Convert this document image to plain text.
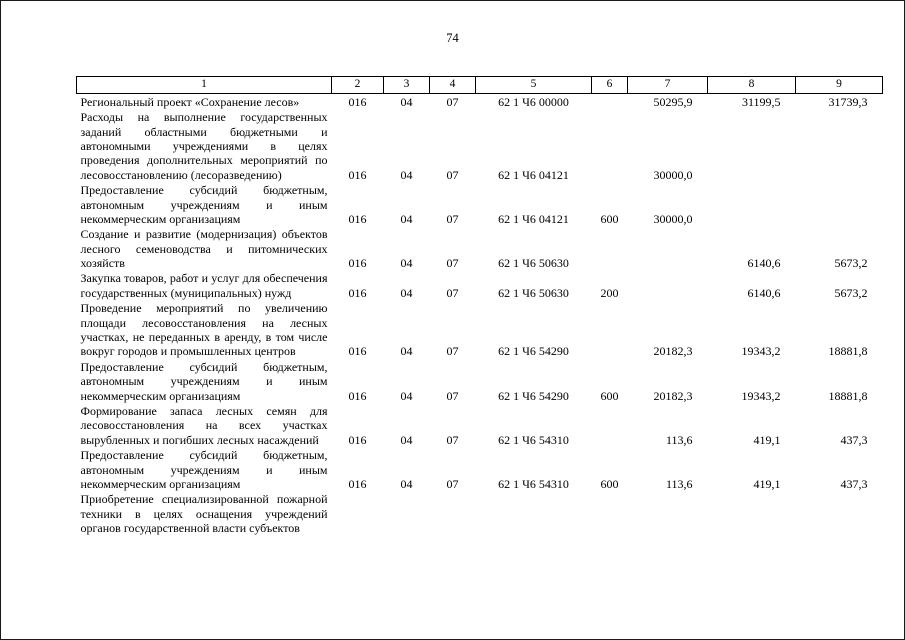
74
1	2	3	4	5	6	7	8	9
Региональный проект «Сохранение лесов»	016	04	07	62 1 Ч6 00000		50295,9	31199,5	31739,3
Расходы на выполнение государственных заданий областными бюджетными и автономными учреждениями в целях проведения дополнительных мероприятий по лесовосстановлению (лесоразведению)	016	04	07	62 1 Ч6 04121		30000,0		
Предоставление субсидий бюджетным, автономным учреждениям и иным некоммерческим организациям	016	04	07	62 1 Ч6 04121	600	30000,0		
Создание и развитие (модернизация) объектов лесного семеноводства и питомнических хозяйств	016	04	07	62 1 Ч6 50630			6140,6	5673,2
Закупка товаров, работ и услуг для обеспечения государственных (муниципальных) нужд	016	04	07	62 1 Ч6 50630	200		6140,6	5673,2
Проведение мероприятий по увеличению площади лесовосстановления на лесных участках, не переданных в аренду, в том числе вокруг городов и промышленных центров	016	04	07	62 1 Ч6 54290		20182,3	19343,2	18881,8
Предоставление субсидий бюджетным, автономным учреждениям и иным некоммерческим организациям	016	04	07	62 1 Ч6 54290	600	20182,3	19343,2	18881,8
Формирование запаса лесных семян для лесовосстановления на всех участках вырубленных и погибших лесных насаждений	016	04	07	62 1 Ч6 54310		113,6	419,1	437,3
Предоставление субсидий бюджетным, автономным учреждениям и иным некоммерческим организациям	016	04	07	62 1 Ч6 54310	600	113,6	419,1	437,3
Приобретение специализированной пожарной техники в целях оснащения учреждений органов государственной власти субъектов								
